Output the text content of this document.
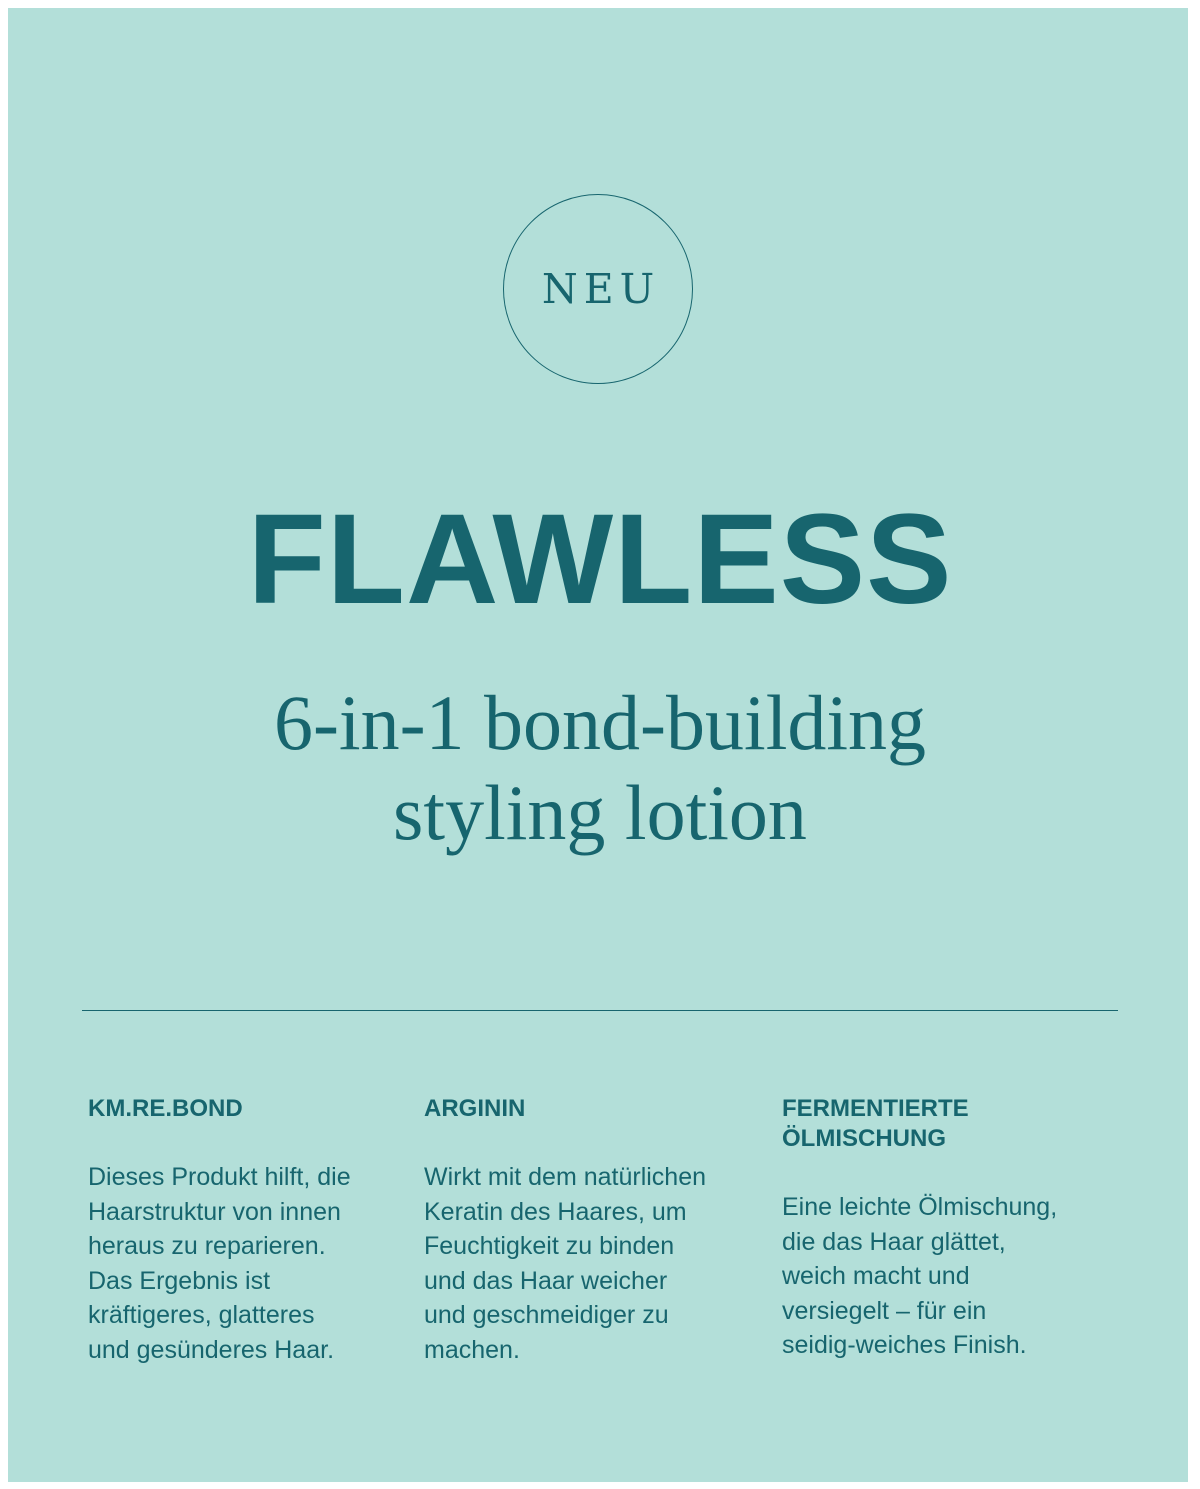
NEU
FLAWLESS
6-in-1 bond-building
styling lotion
KM.RE.BOND

Dieses Produkt hilft, die
Haarstruktur von innen
heraus zu reparieren.
Das Ergebnis ist
kräftigeres, glatteres
und gesünderes Haar.

ARGININ

Wirkt mit dem natürlichen
Keratin des Haares, um
Feuchtigkeit zu binden
und das Haar weicher
und geschmeidiger zu
machen.

FERMENTIERTE
ÖLMISCHUNG

Eine leichte Ölmischung,
die das Haar glättet,
weich macht und
versiegelt – für ein
seidig-weiches Finish.
